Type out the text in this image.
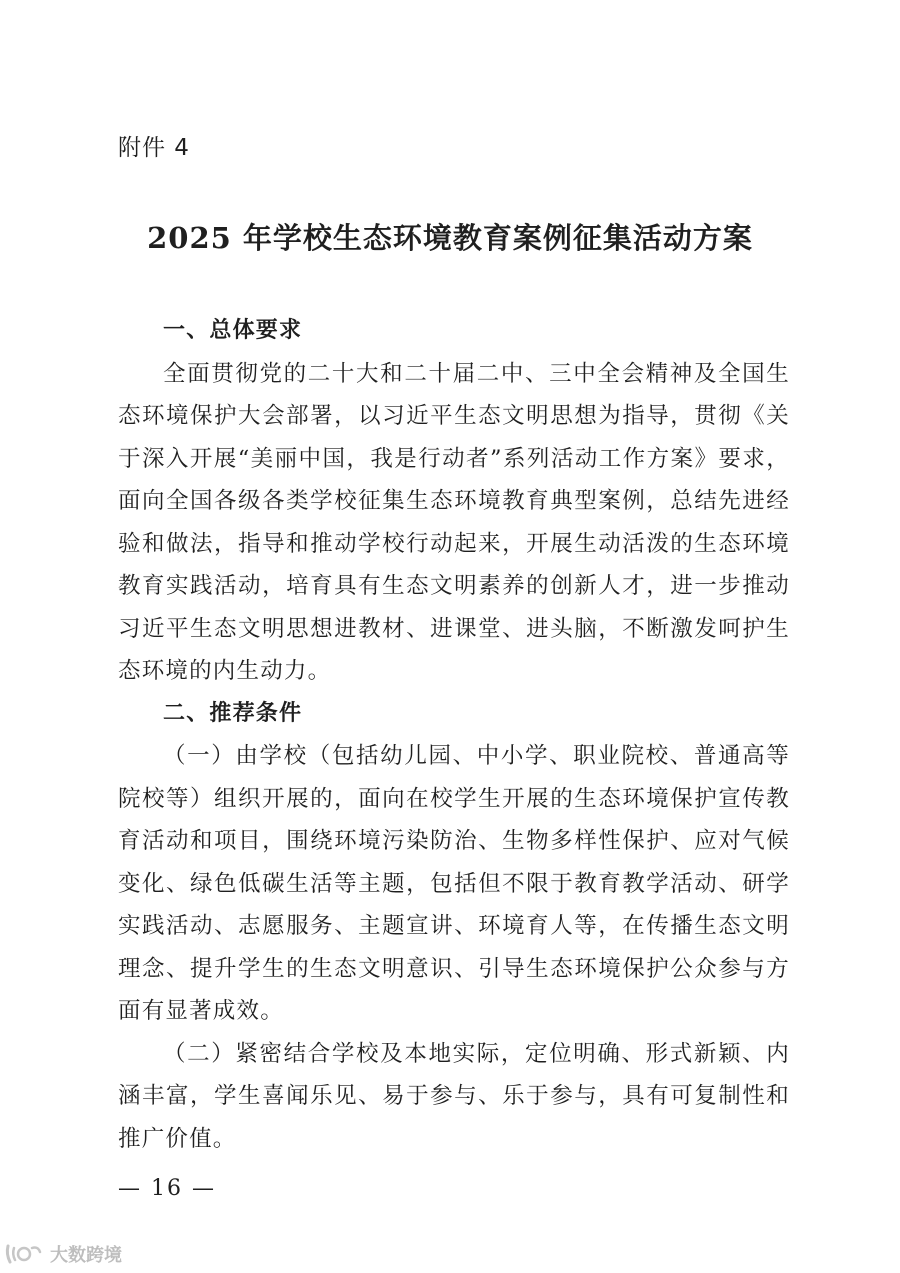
附件 4
2025 年学校生态环境教育案例征集活动方案

一、总体要求

全面贯彻党的二十大和二十届二中、三中全会精神及全国生态环境保护大会部署，以习近平生态文明思想为指导，贯彻《关于深入开展“美丽中国，我是行动者”系列活动工作方案》要求，面向全国各级各类学校征集生态环境教育典型案例，总结先进经验和做法，指导和推动学校行动起来，开展生动活泼的生态环境教育实践活动，培育具有生态文明素养的创新人才，进一步推动习近平生态文明思想进教材、进课堂、进头脑，不断激发呵护生态环境的内生动力。

二、推荐条件

（一）由学校（包括幼儿园、中小学、职业院校、普通高等院校等）组织开展的，面向在校学生开展的生态环境保护宣传教育活动和项目，围绕环境污染防治、生物多样性保护、应对气候变化、绿色低碳生活等主题，包括但不限于教育教学活动、研学实践活动、志愿服务、主题宣讲、环境育人等，在传播生态文明理念、提升学生的生态文明意识、引导生态环境保护公众参与方面有显著成效。

（二）紧密结合学校及本地实际，定位明确、形式新颖、内涵丰富，学生喜闻乐见、易于参与、乐于参与，具有可复制性和推广价值。

— 16 —
大数跨境
